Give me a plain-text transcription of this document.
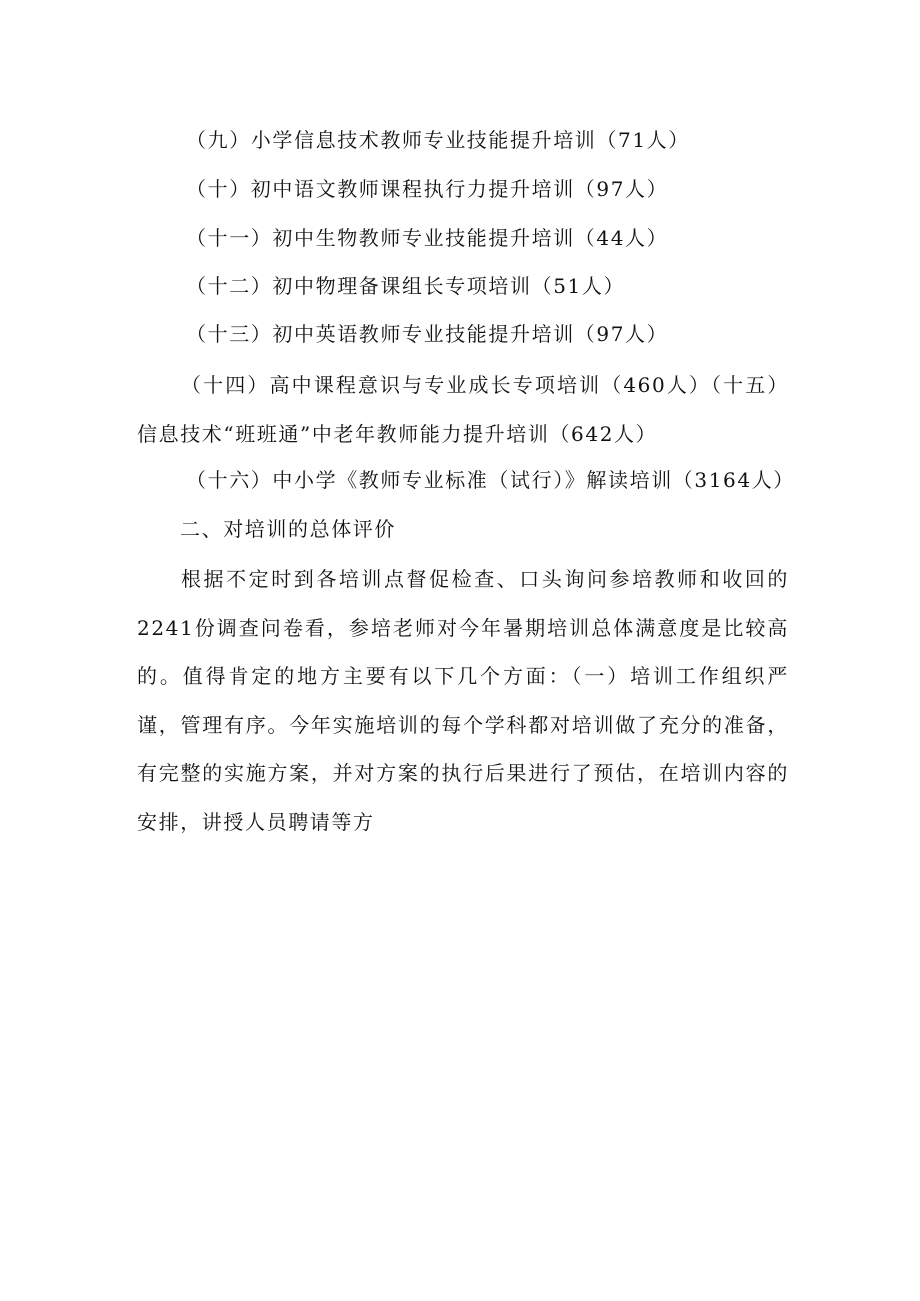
（九）小学信息技术教师专业技能提升培训（71人）
（十）初中语文教师课程执行力提升培训（97人）
（十一）初中生物教师专业技能提升培训（44人）
（十二）初中物理备课组长专项培训（51人）
（十三）初中英语教师专业技能提升培训（97人）
（十四）高中课程意识与专业成长专项培训（460人）（十五）信息技术“班班通”中老年教师能力提升培训（642人）
（十六）中小学《教师专业标准（试行）》解读培训（3164人）
二、对培训的总体评价
根据不定时到各培训点督促检查、口头询问参培教师和收回的2241份调查问卷看，参培老师对今年暑期培训总体满意度是比较高的。值得肯定的地方主要有以下几个方面：（一）培训工作组织严谨，管理有序。今年实施培训的每个学科都对培训做了充分的准备，有完整的实施方案，并对方案的执行后果进行了预估，在培训内容的安排，讲授人员聘请等方
